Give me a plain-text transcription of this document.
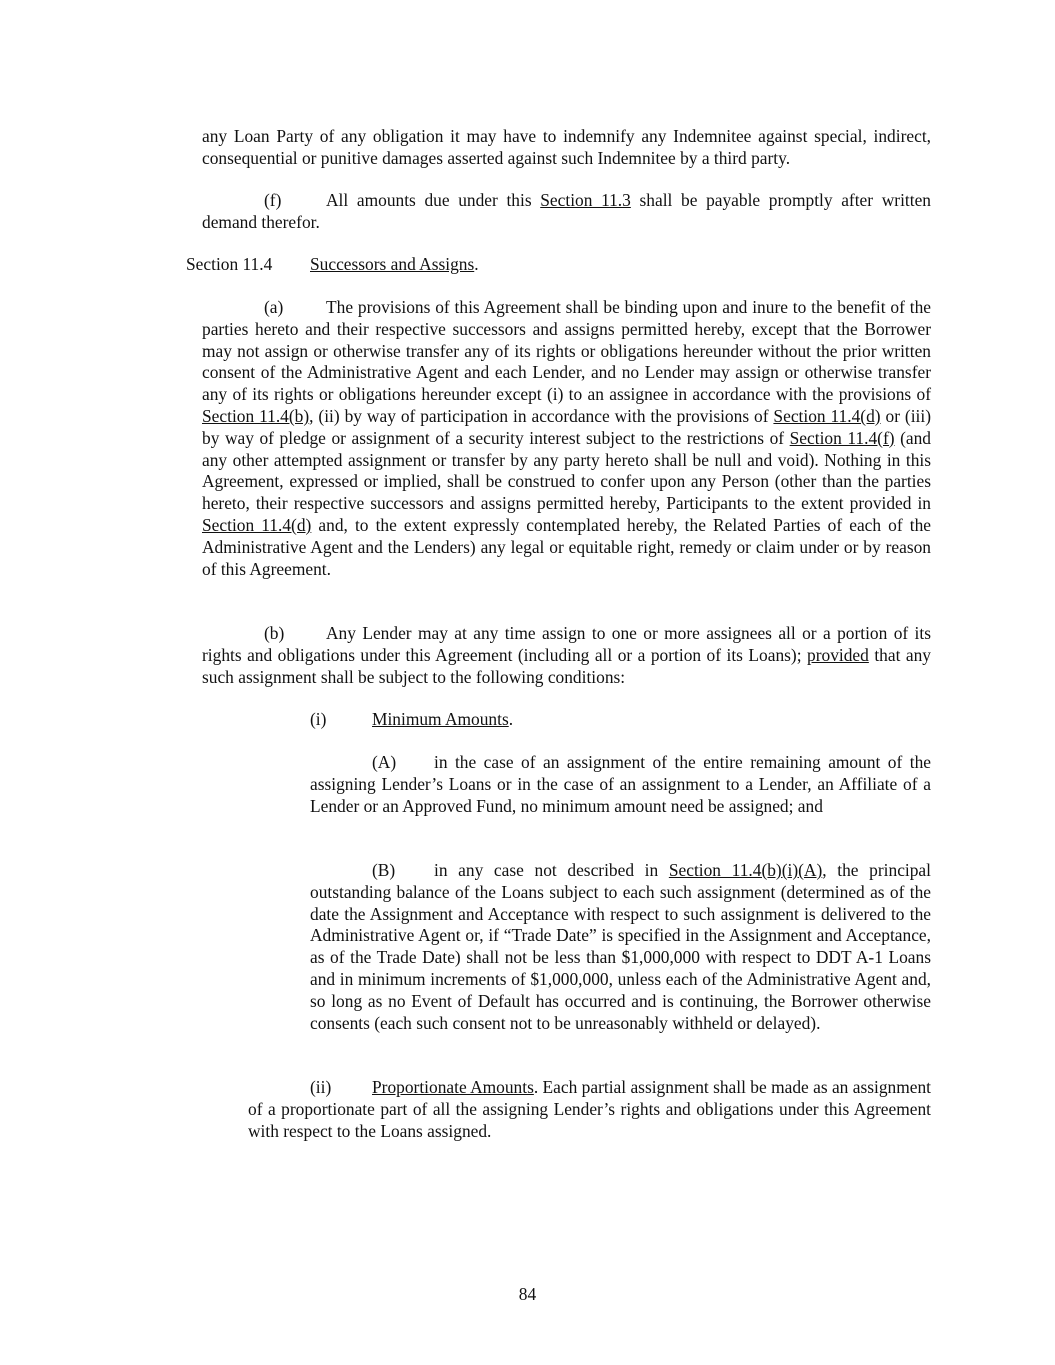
any Loan Party of any obligation it may have to indemnify any Indemnitee against special, indirect, consequential or punitive damages asserted against such Indemnitee by a third party.

(f)	All amounts due under this Section 11.3 shall be payable promptly after written demand therefor.

Section 11.4 Successors and Assigns.

(a) The provisions of this Agreement shall be binding upon and inure to the benefit of the parties hereto and their respective successors and assigns permitted hereby, except that the Borrower may not assign or otherwise transfer any of its rights or obligations hereunder without the prior written consent of the Administrative Agent and each Lender, and no Lender may assign or otherwise transfer any of its rights or obligations hereunder except (i) to an assignee in accordance with the provisions of Section 11.4(b), (ii) by way of participation in accordance with the provisions of Section 11.4(d) or (iii) by way of pledge or assignment of a security interest subject to the restrictions of Section 11.4(f) (and any other attempted assignment or transfer by any party hereto shall be null and void). Nothing in this Agreement, expressed or implied, shall be construed to confer upon any Person (other than the parties hereto, their respective successors and assigns permitted hereby, Participants to the extent provided in Section 11.4(d) and, to the extent expressly contemplated hereby, the Related Parties of each of the Administrative Agent and the Lenders) any legal or equitable right, remedy or claim under or by reason of this Agreement.

(b) Any Lender may at any time assign to one or more assignees all or a portion of its rights and obligations under this Agreement (including all or a portion of its Loans); provided that any such assignment shall be subject to the following conditions:

(i)	Minimum Amounts.

(A) in the case of an assignment of the entire remaining amount of the assigning Lender’s Loans or in the case of an assignment to a Lender, an Affiliate of a Lender or an Approved Fund, no minimum amount need be assigned; and

(B) in any case not described in Section 11.4(b)(i)(A), the principal outstanding balance of the Loans subject to each such assignment (determined as of the date the Assignment and Acceptance with respect to such assignment is delivered to the Administrative Agent or, if “Trade Date” is specified in the Assignment and Acceptance, as of the Trade Date) shall not be less than $1,000,000 with respect to DDT A-1 Loans and in minimum increments of $1,000,000, unless each of the Administrative Agent and, so long as no Event of Default has occurred and is continuing, the Borrower otherwise consents (each such consent not to be unreasonably withheld or delayed).

(ii) Proportionate Amounts. Each partial assignment shall be made as an assignment of a proportionate part of all the assigning Lender’s rights and obligations under this Agreement with respect to the Loans assigned.

84
